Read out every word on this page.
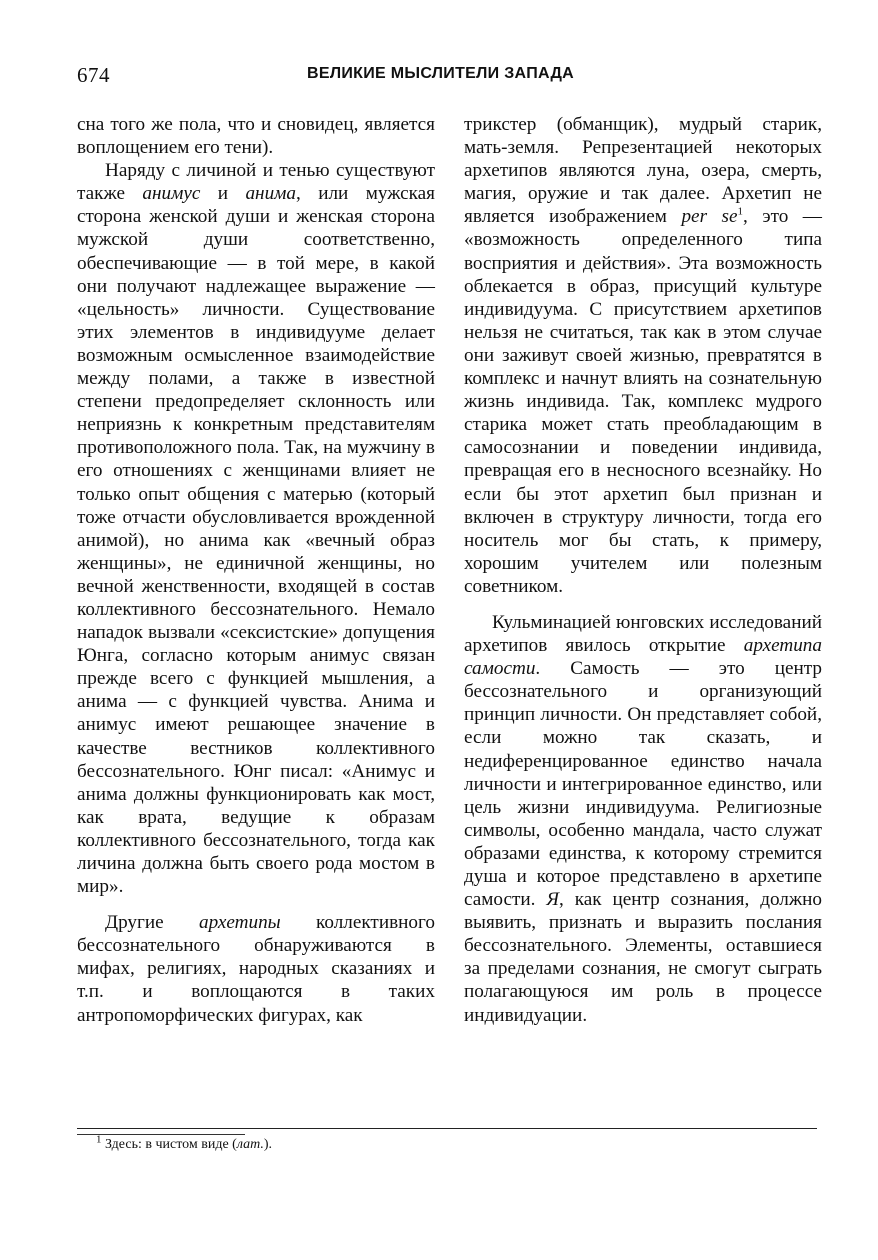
674	ВЕЛИКИЕ МЫСЛИТЕЛИ ЗАПАДА

сна того же пола, что и сновидец, является воплощением его тени).

Наряду с личиной и тенью существуют также анимус и анима, или мужская сторона женской души и женская сторона мужской души соответственно, обеспечивающие — в той мере, в какой они получают надлежащее выражение — «цельность» личности. Существование этих элементов в индивидууме делает возможным осмысленное взаимодействие между полами, а также в известной степени предопределяет склонность или неприязнь к конкретным представителям противоположного пола. Так, на мужчину в его отношениях с женщинами влияет не только опыт общения с матерью (который тоже отчасти обусловливается врожденной анимой), но анима как «вечный образ женщины», не единичной женщины, но вечной женственности, входящей в состав коллективного бессознательного. Немало нападок вызвали «сексистские» допущения Юнга, согласно которым анимус связан прежде всего с функцией мышления, а анима — с функцией чувства. Анима и анимус имеют решающее значение в качестве вестников коллективного бессознательного. Юнг писал: «Анимус и анима должны функционировать как мост, как врата, ведущие к образам коллективного бессознательного, тогда как личина должна быть своего рода мостом в мир».

Другие архетипы коллективного бессознательного обнаруживаются в мифах, религиях, народных сказаниях и т.п. и воплощаются в таких антропоморфических фигурах, как

трикстер (обманщик), мудрый старик, мать-земля. Репрезентацией некоторых архетипов являются луна, озера, смерть, магия, оружие и так далее. Архетип не является изображением per $se^1$, это — «возможность определенного типа восприятия и действия». Эта возможность облекается в образ, присущий культуре индивидуума. С присутствием архетипов нельзя не считаться, так как в этом случае они заживут своей жизнью, превратятся в комплекс и начнут влиять на сознательную жизнь индивида. Так, комплекс мудрого старика может стать преобладающим в самосознании и поведении индивида, превращая его в несносного всезнайку. Но если бы этот архетип был признан и включен в структуру личности, тогда его носитель мог бы стать, к примеру, хорошим учителем или полезным советником.

Кульминацией юнговских исследований архетипов явилось открытие архетипа самости. Самость — это центр бессознательного и организующий принцип личности. Он представляет собой, если можно так сказать, и недиференцированное единство начала личности и интегрированное единство, или цель жизни индивидуума. Религиозные символы, особенно мандала, часто служат образами единства, к которому стремится душа и которое представлено в архетипе самости. Я, как центр сознания, должно выявить, признать и выразить послания бессознательного. Элементы, оставшиеся за пределами сознания, не смогут сыграть полагающуюся им роль в процессе индивидуации.

$^1$ Здесь: в чистом виде (лат.).
